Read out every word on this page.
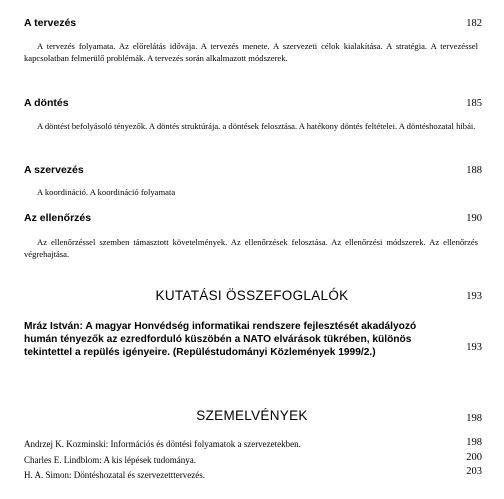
A tervezés	182
A tervezés folyamata. Az előrelátás idővája. A tervezés menete. A szervezeti célok kialakítása. A stratégia. A tervezéssel kapcsolatban felmerülő problémák. A tervezés során alkalmazott módszerek.
A döntés	185
A döntést befolyásoló tényezők. A döntés struktúrája. a döntések felosztása. A hatékony döntés feltételei. A döntéshozatal hibái.
A szervezés	188
A koordináció. A koordináció folyamata
Az ellenőrzés	190
Az ellenőrzéssel szemben támasztott követelmények. Az ellenőrzések felosztása. Az ellenőrzési módszerek. Az ellenőrzés végrehajtása.
KUTATÁSI ÖSSZEFOGLALÓK	193
Mráz István: A magyar Honvédség informatikai rendszere fejlesztését akadályozó humán tényezők az ezredforduló küszöbén a NATO elvárások tükrében, különös tekintettel a repülés igényeire. (Repüléstudományi Közlemények 1999/2.)	193
SZEMELVÉNYEK	198
Andrzej K. Kozminski: Információs és döntési folyamatok a szervezetekben.	198
Charles E. Lindblom: A kis lépések tudománya.	200
H. A. Simon: Döntéshozatal és szervezetttervezés.	203
